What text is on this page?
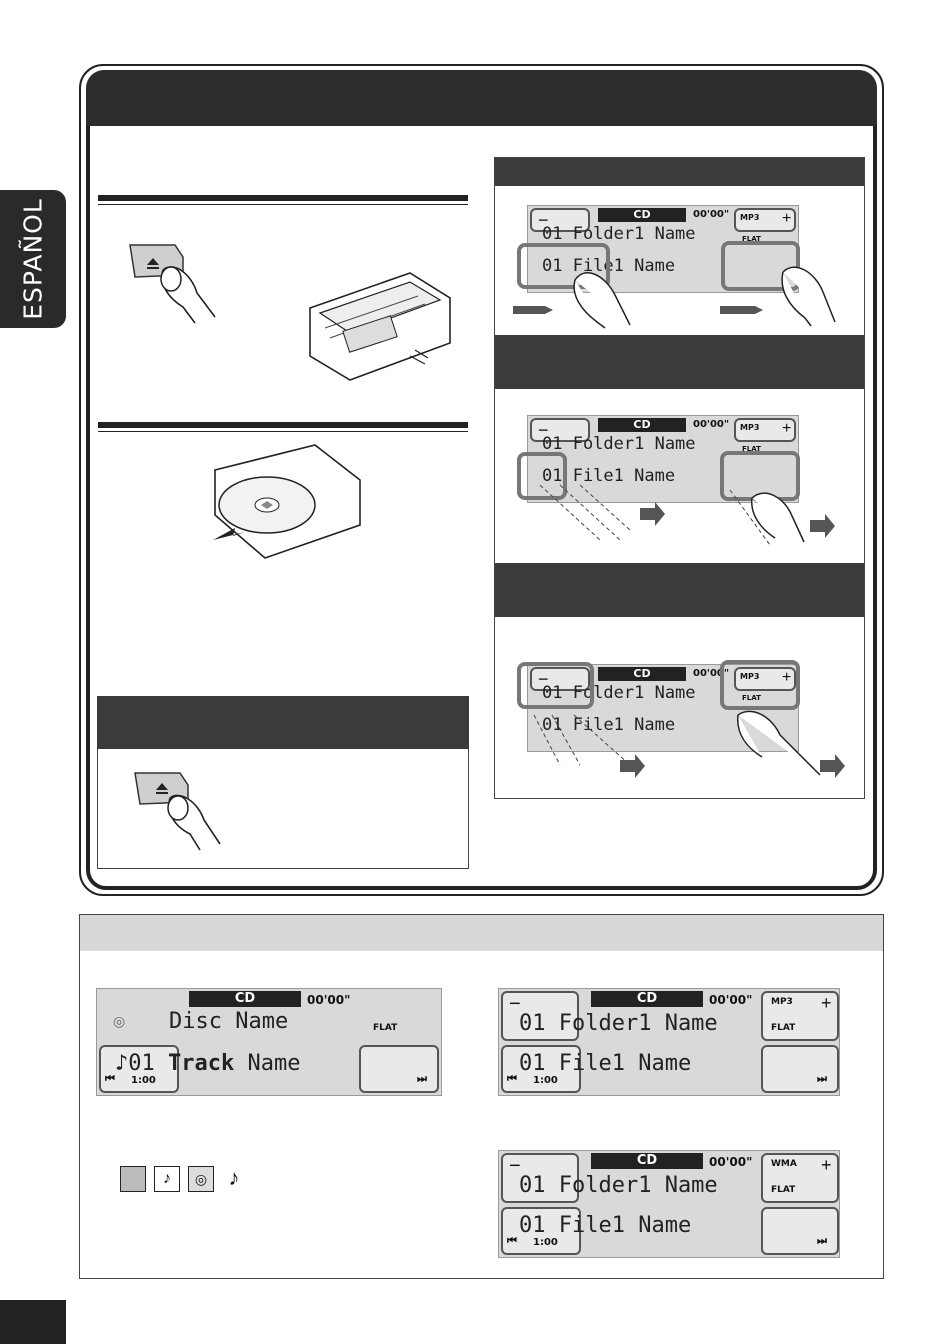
ESPAÑOL	−	CD	00'00" MP3 +
01 Folder1 Name	FLAT
01 File1 Name
−	CD	00'00" MP3 +
01 Folder1 Name	FLAT
01 File1 Name
−	CD	00'00" MP3 +
01 Folder1 Name	FLAT
01 File1 Name
CD	00'00"
◎ Disc Name	FLAT
⏮ 1:00
♪01 Track Name
⏭
−	CD	00'00" MP3 +
01 Folder1 Name	FLAT
⏮ 1:00
01 File1 Name
⏭
♪	◎ ♪	−	CD	00'00" WMA +
01 Folder1 Name	FLAT
⏮ 1:00
01 File1 Name
⏭
